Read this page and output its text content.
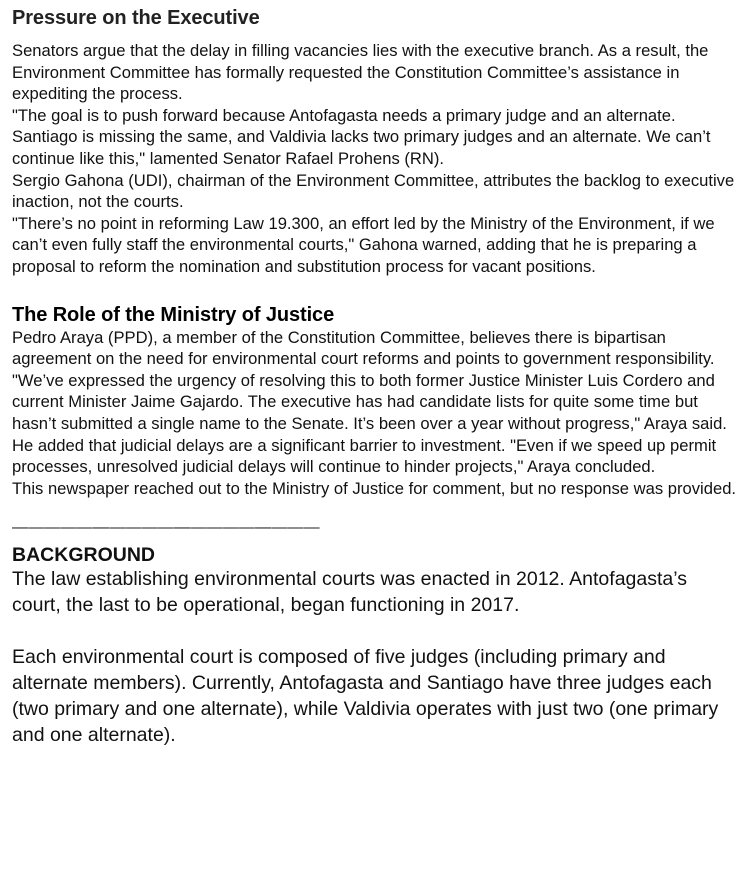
Pressure on the Executive

Senators argue that the delay in filling vacancies lies with the executive branch. As a result, the Environment Committee has formally requested the Constitution Committee’s assistance in expediting the process.

"The goal is to push forward because Antofagasta needs a primary judge and an alternate. Santiago is missing the same, and Valdivia lacks two primary judges and an alternate. We can’t continue like this," lamented Senator Rafael Prohens (RN).

Sergio Gahona (UDI), chairman of the Environment Committee, attributes the backlog to executive inaction, not the courts.

"There’s no point in reforming Law 19.300, an effort led by the Ministry of the Environment, if we can’t even fully staff the environmental courts," Gahona warned, adding that he is preparing a proposal to reform the nomination and substitution process for vacant positions.

The Role of the Ministry of Justice

Pedro Araya (PPD), a member of the Constitution Committee, believes there is bipartisan agreement on the need for environmental court reforms and points to government responsibility.

"We’ve expressed the urgency of resolving this to both former Justice Minister Luis Cordero and current Minister Jaime Gajardo. The executive has had candidate lists for quite some time but hasn’t submitted a single name to the Senate. It’s been over a year without progress," Araya said.

He added that judicial delays are a significant barrier to investment. "Even if we speed up permit processes, unresolved judicial delays will continue to hinder projects," Araya concluded.

This newspaper reached out to the Ministry of Justice for comment, but no response was provided.

———————————————————
BACKGROUND

The law establishing environmental courts was enacted in 2012. Antofagasta’s court, the last to be operational, began functioning in 2017.

Each environmental court is composed of five judges (including primary and alternate members). Currently, Antofagasta and Santiago have three judges each (two primary and one alternate), while Valdivia operates with just two (one primary and one alternate).
